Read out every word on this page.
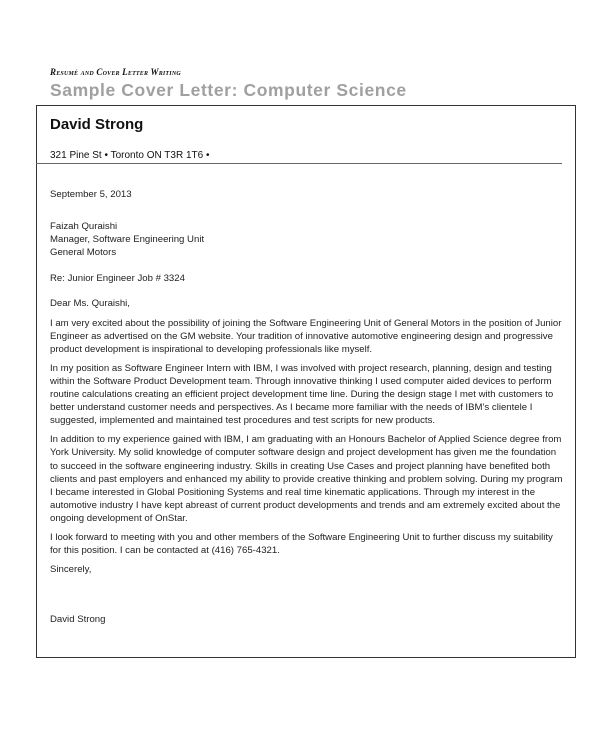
Resumé and Cover Letter Writing
Sample Cover Letter: Computer Science
David Strong
321 Pine St • Toronto ON T3R 1T6 •

September 5, 2013

Faizah Quraishi

Manager, Software Engineering Unit

General Motors

Re: Junior Engineer Job # 3324

Dear Ms. Quraishi,

I am very excited about the possibility of joining the Software Engineering Unit of General Motors in the position of Junior Engineer as advertised on the GM website. Your tradition of innovative automotive engineering design and progressive product development is inspirational to developing professionals like myself.

In my position as Software Engineer Intern with IBM, I was involved with project research, planning, design and testing within the Software Product Development team. Through innovative thinking I used computer aided devices to perform routine calculations creating an efficient project development time line. During the design stage I met with customers to better understand customer needs and perspectives. As I became more familiar with the needs of IBM’s clientele I suggested, implemented and maintained test procedures and test scripts for new products.

In addition to my experience gained with IBM, I am graduating with an Honours Bachelor of Applied Science degree from York University. My solid knowledge of computer software design and project development has given me the foundation to succeed in the software engineering industry. Skills in creating Use Cases and project planning have benefited both clients and past employers and enhanced my ability to provide creative thinking and problem solving. During my program I became interested in Global Positioning Systems and real time kinematic applications. Through my interest in the automotive industry I have kept abreast of current product developments and trends and am extremely excited about the ongoing development of OnStar.

I look forward to meeting with you and other members of the Software Engineering Unit to further discuss my suitability for this position. I can be contacted at (416) 765-4321.

Sincerely,

David Strong
